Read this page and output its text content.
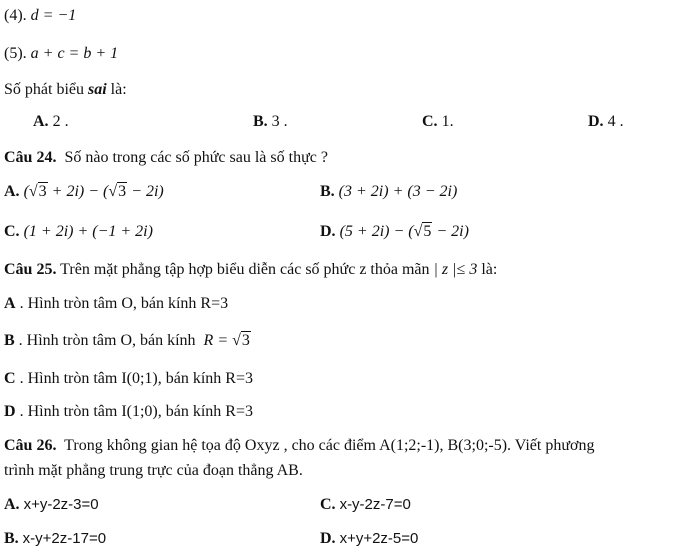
(4). d = −1
(5). a + c = b + 1
Số phát biểu sai là:
A. 2 .	B. 3 .	C. 1.	D. 4 .
Câu 24. Số nào trong các số phức sau là số thực ?
A. (√3 + 2i) − (√3 − 2i)	B. (3 + 2i) + (3 − 2i)
C. (1 + 2i) + (−1 + 2i)	D. (5 + 2i) − (√5 − 2i)
Câu 25. Trên mặt phẳng tập hợp biểu diễn các số phức z thỏa mãn | z |≤ 3 là:
A . Hình tròn tâm O, bán kính R=3
B . Hình tròn tâm O, bán kính R = √3
C . Hình tròn tâm I(0;1), bán kính R=3
D . Hình tròn tâm I(1;0), bán kính R=3
Câu 26. Trong không gian hệ tọa độ Oxyz , cho các điểm A(1;2;-1), B(3;0;-5). Viết phương
trình mặt phẳng trung trực của đoạn thẳng AB.
A. x+y-2z-3=0	C. x-y-2z-7=0
B. x-y+2z-17=0	D. x+y+2z-5=0
